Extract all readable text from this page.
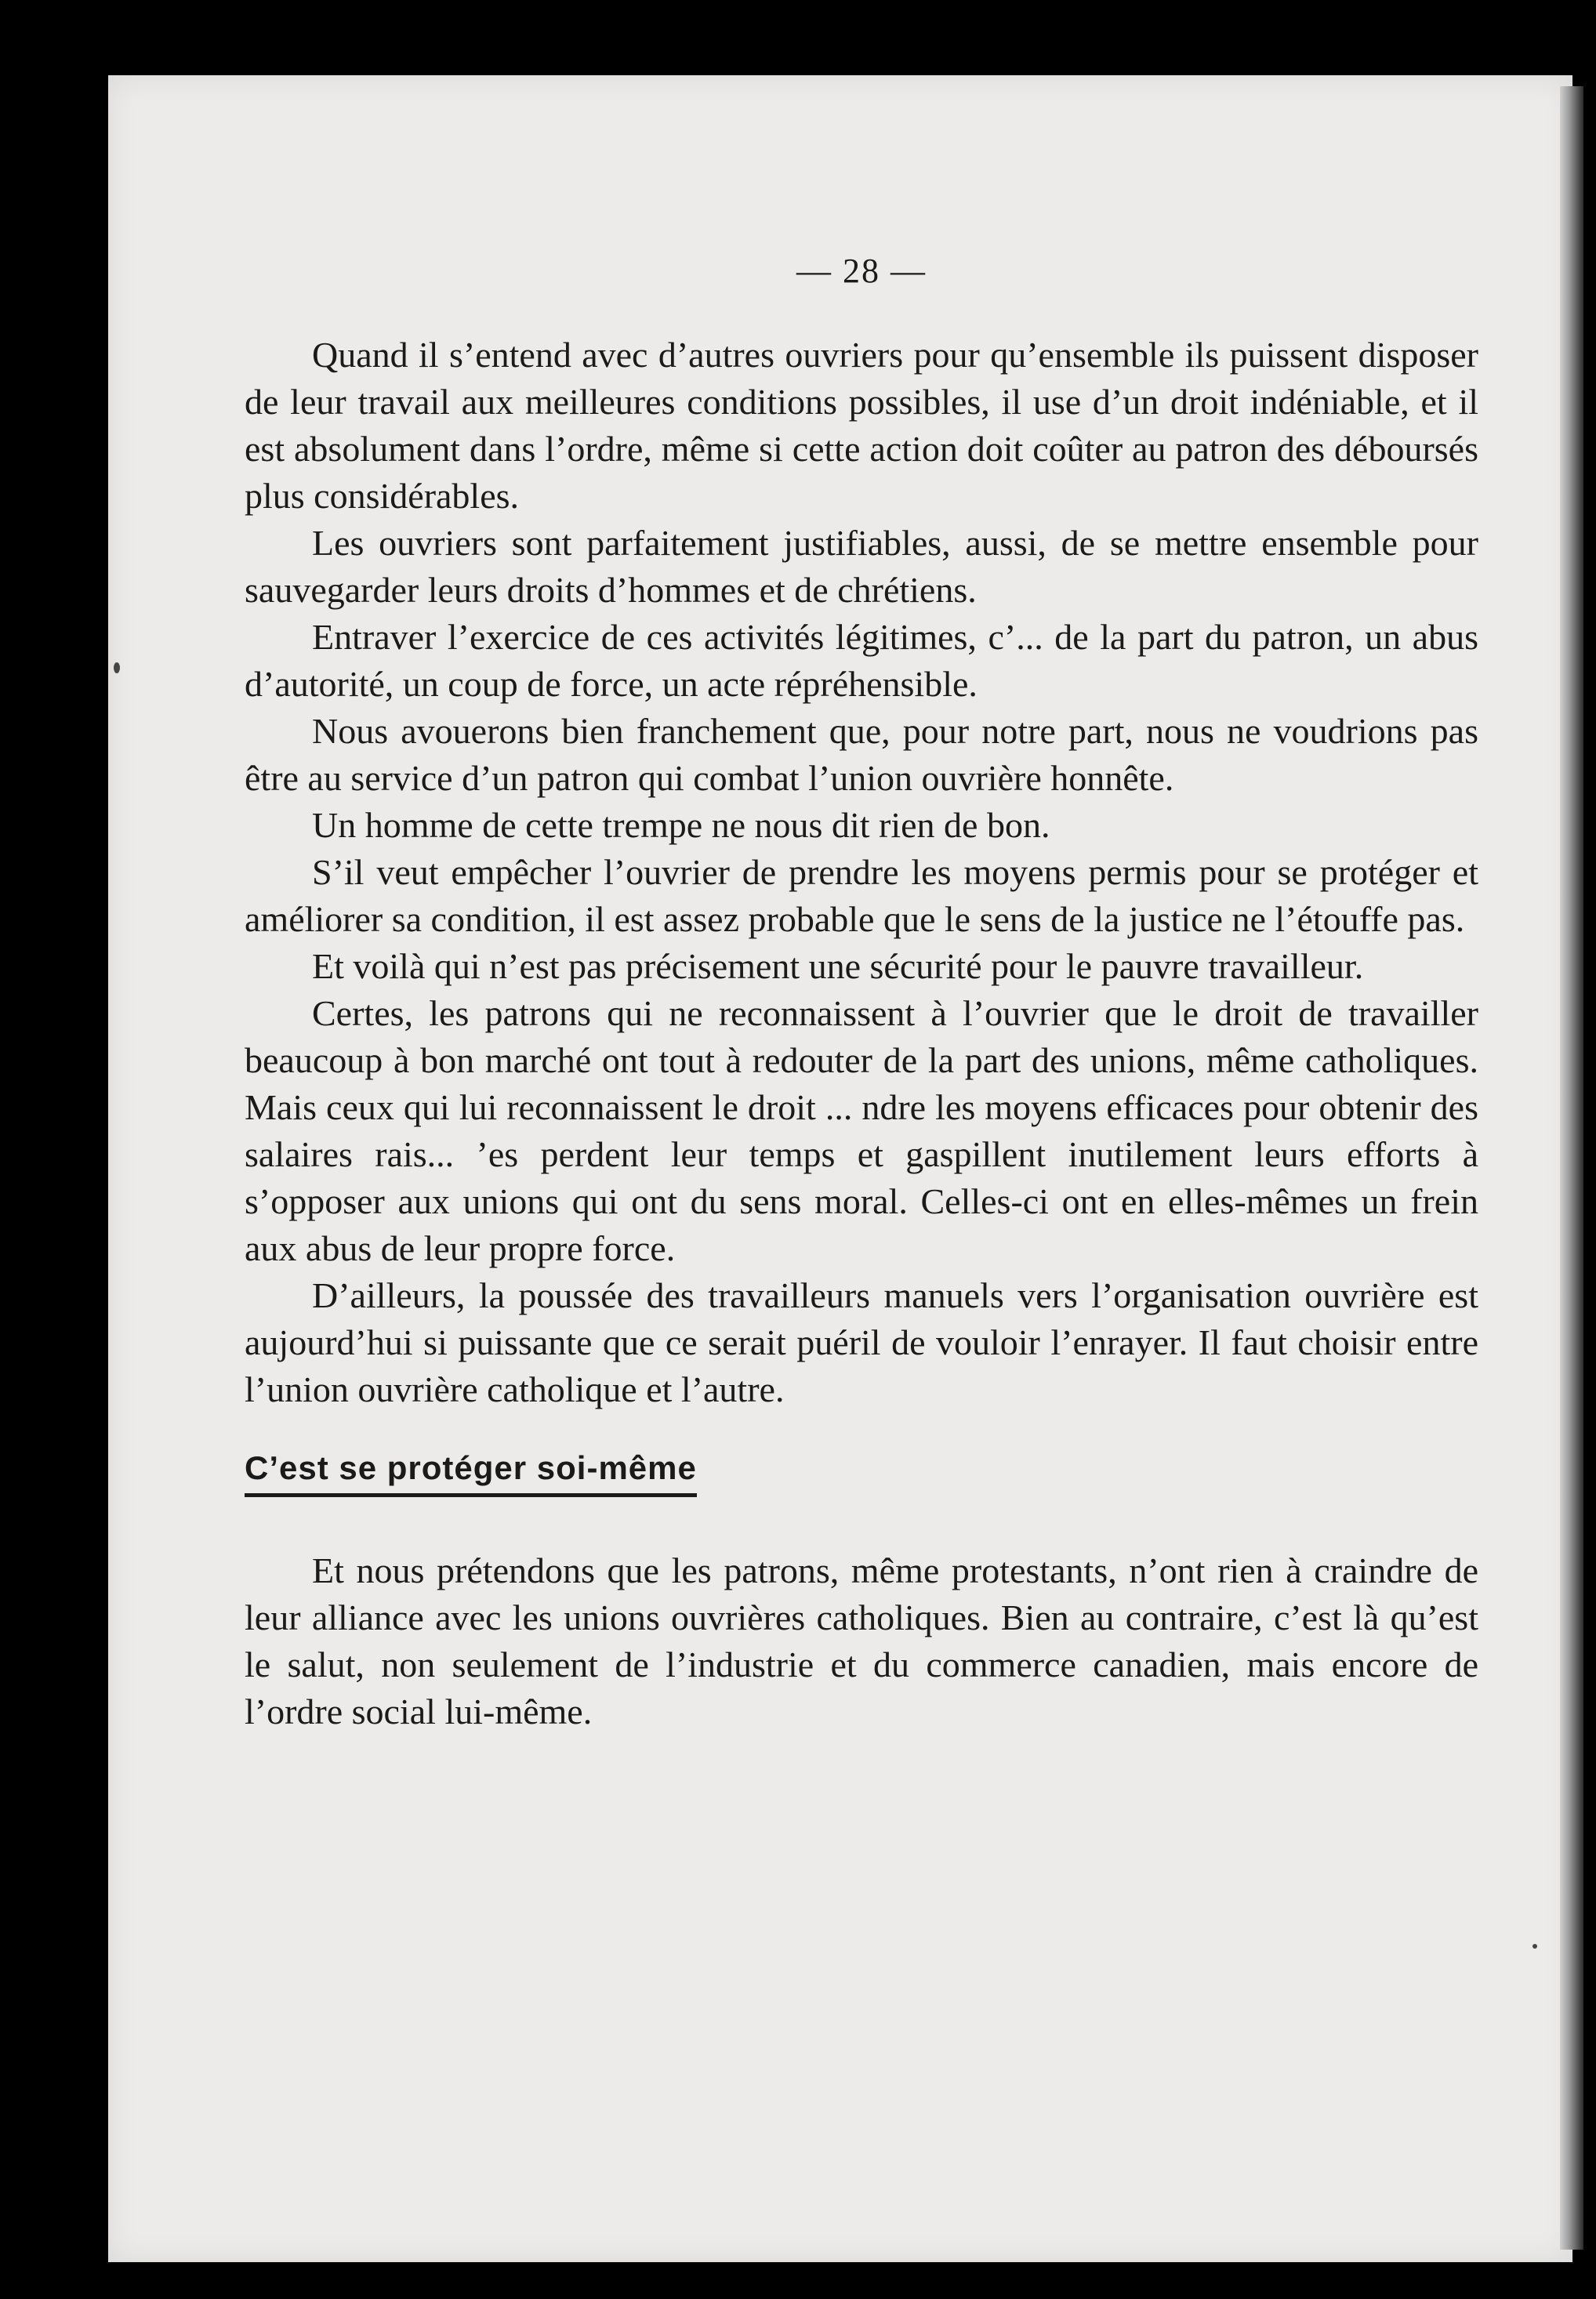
— 28 —

Quand il s’entend avec d’autres ouvriers pour qu’ensemble ils puissent disposer de leur travail aux meilleures conditions possibles, il use d’un droit indéniable, et il est absolument dans l’ordre, même si cette action doit coûter au patron des déboursés plus considérables.

Les ouvriers sont parfaitement justifiables, aussi, de se mettre ensemble pour sauvegarder leurs droits d’hommes et de chrétiens.

Entraver l’exercice de ces activités légitimes, c’... de la part du patron, un abus d’autorité, un coup de force, un acte répréhensible.

Nous avouerons bien franchement que, pour notre part, nous ne voudrions pas être au service d’un patron qui combat l’union ouvrière honnête.

Un homme de cette trempe ne nous dit rien de bon.

S’il veut empêcher l’ouvrier de prendre les moyens permis pour se protéger et améliorer sa condition, il est assez probable que le sens de la justice ne l’étouffe pas.

Et voilà qui n’est pas précisement une sécurité pour le pauvre travailleur.

Certes, les patrons qui ne reconnaissent à l’ouvrier que le droit de travailler beaucoup à bon marché ont tout à redouter de la part des unions, même catholiques. Mais ceux qui lui reconnaissent le droit ... ndre les moyens efficaces pour obtenir des salaires rais... ’es perdent leur temps et gaspillent inutilement leurs efforts à s’opposer aux unions qui ont du sens moral. Celles-ci ont en elles-mêmes un frein aux abus de leur propre force.

D’ailleurs, la poussée des travailleurs manuels vers l’organisation ouvrière est aujourd’hui si puissante que ce serait puéril de vouloir l’enrayer. Il faut choisir entre l’union ouvrière catholique et l’autre.

C’est se protéger soi-même

Et nous prétendons que les patrons, même protestants, n’ont rien à craindre de leur alliance avec les unions ouvrières catholiques. Bien au contraire, c’est là qu’est le salut, non seulement de l’industrie et du commerce canadien, mais encore de l’ordre social lui-même.
